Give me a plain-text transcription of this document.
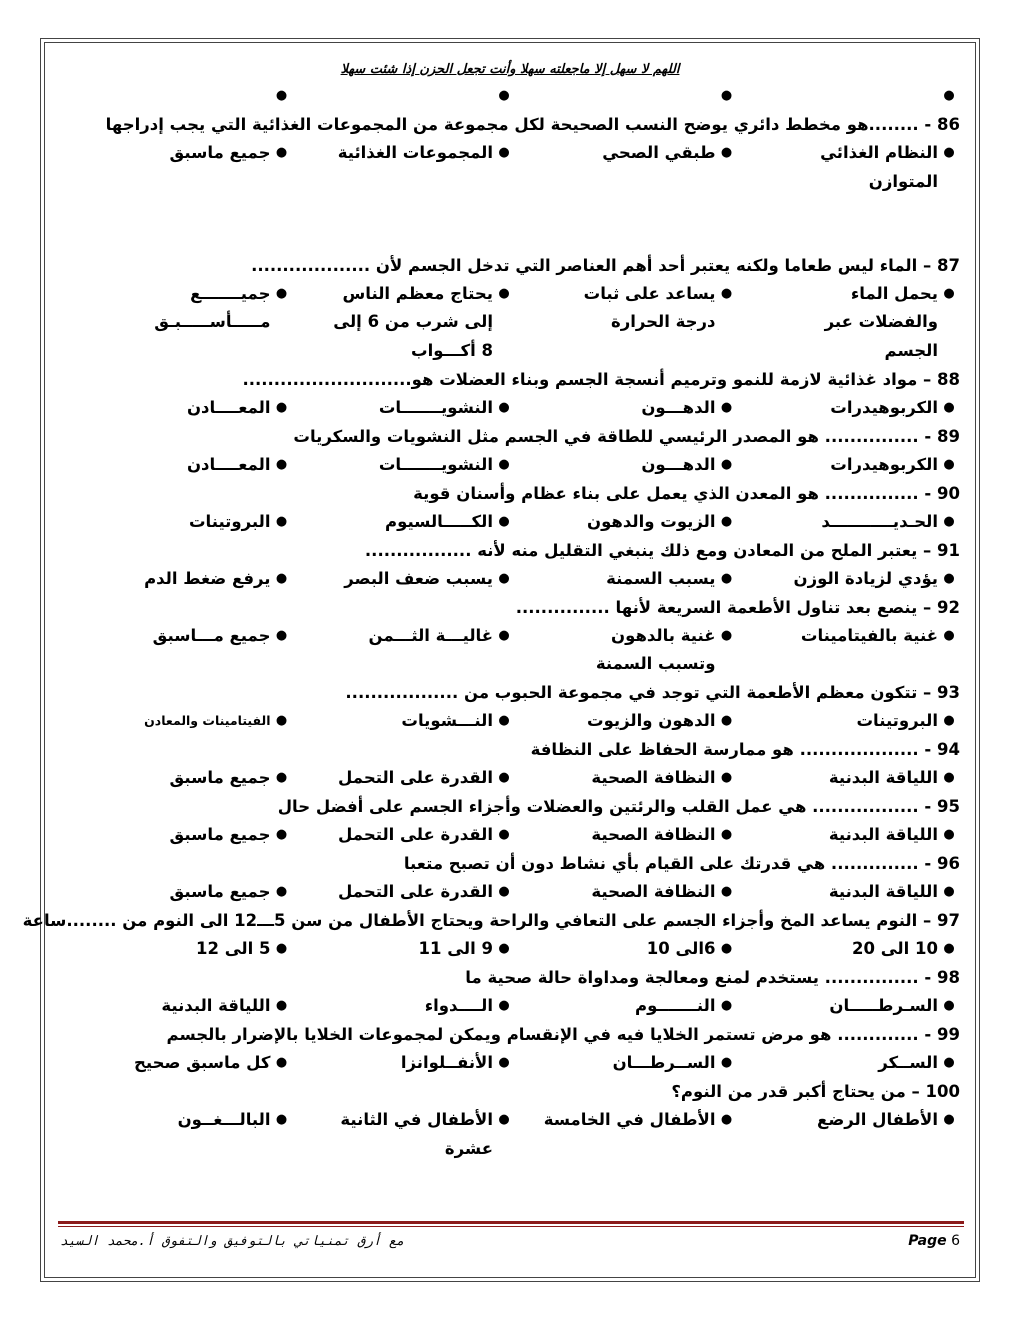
اللهم لا سهل إلا ماجعلته سهلا وأنت تجعل الحزن إذا شئت سهلا
●
●
●
●
86 - ........هو مخطط دائري يوضح النسب الصحيحة لكل مجموعة من المجموعات الغذائية التي يجب إدراجها
●
النظام الغذائي
المتوازن
●
طبقي الصحي
●
المجموعات الغذائية
●
جميع ماسبق
87 – الماء ليس طعاما ولكنه يعتبر أحد أهم العناصر التي تدخل الجسم لأن ...................
●
يحمل الماء
والفضلات عبر
الجسم
●
يساعد على ثبات
درجة الحرارة
●
يحتاج معظم الناس
إلى شرب من 6 إلى
8 أكـــواب
●
جميـــــــع
مـــــأســـــبـق
88 – مواد غذائية لازمة للنمو وترميم أنسجة الجسم وبناء العضلات هو...........................
●
الكربوهيدرات
●
الدهـــون
●
النشويـــــــات
●
المعــــادن
89 - ............... هو المصدر الرئيسي للطاقة في الجسم مثل النشويات والسكريات
●
الكربوهيدرات
●
الدهـــون
●
النشويـــــــات
●
المعــــادن
90 - ............... هو المعدن الذي يعمل على بناء عظام وأسنان قوية
●
الحـديـــــــــــد
●
الزيوت والدهون
●
الكـــــالسيوم
●
البروتينات
91 – يعتبر الملح من المعادن ومع ذلك ينبغي التقليل منه لأنه .................
●
يؤدي لزيادة الوزن
●
يسبب السمنة
●
يسبب ضعف البصر
●
يرفع ضغط الدم
92 – ينصع بعد تناول الأطعمة السريعة لأنها ...............
●
غنية بالفيتامينات
●
غنية بالدهون
وتسبب السمنة
●
غاليـــة الثـــمن
●
جميع مـــاسبق
93 – تتكون معظم الأطعمة التي توجد في مجموعة الحبوب من ..................
●
البروتينات
●
الدهون والزيوت
●
النـــشويات
●
الفيتامينات والمعادن
94 - ................... هو ممارسة الحفاظ على النظافة
●
اللياقة البدنية
●
النظافة الصحية
●
القدرة على التحمل
●
جميع ماسبق
95 - ................. هي عمل القلب والرئتين والعضلات وأجزاء الجسم على أفضل حال
●
اللياقة البدنية
●
النظافة الصحية
●
القدرة على التحمل
●
جميع ماسبق
96 - .............. هي قدرتك على القيام بأي نشاط دون أن تصبح متعبا
●
اللياقة البدنية
●
النظافة الصحية
●
القدرة على التحمل
●
جميع ماسبق
97 – النوم يساعد المخ وأجزاء الجسم على التعافي والراحة ويحتاج الأطفال من سن 5ـــ12 الى النوم من ........ساعة
●
10 الى 20
●
6الى 10
●
9 الى 11
●
5 الى 12
98 - ............... يستخدم لمنع ومعالجة ومداواة حالة صحية ما
●
السـرطـــــان
●
النـــــــوم
●
الــــدواء
●
اللياقة البدنية
99 - ............. هو مرض تستمر الخلايا فيه في الإنقسام ويمكن لمجموعات الخلايا بالإضرار بالجسم
●
الســكر
●
الســرطـــان
●
الأنفــلوانزا
●
كل ماسبق صحيح
100 – من يحتاج أكبر قدر من النوم؟
●
الأطفال الرضع
●
الأطفال في الخامسة
●
الأطفال في الثانية
عشرة
●
البالـــغــون
مع أرق تمنياتي بالتوفيق والتفوق أ.محمد السيد	Page 6
